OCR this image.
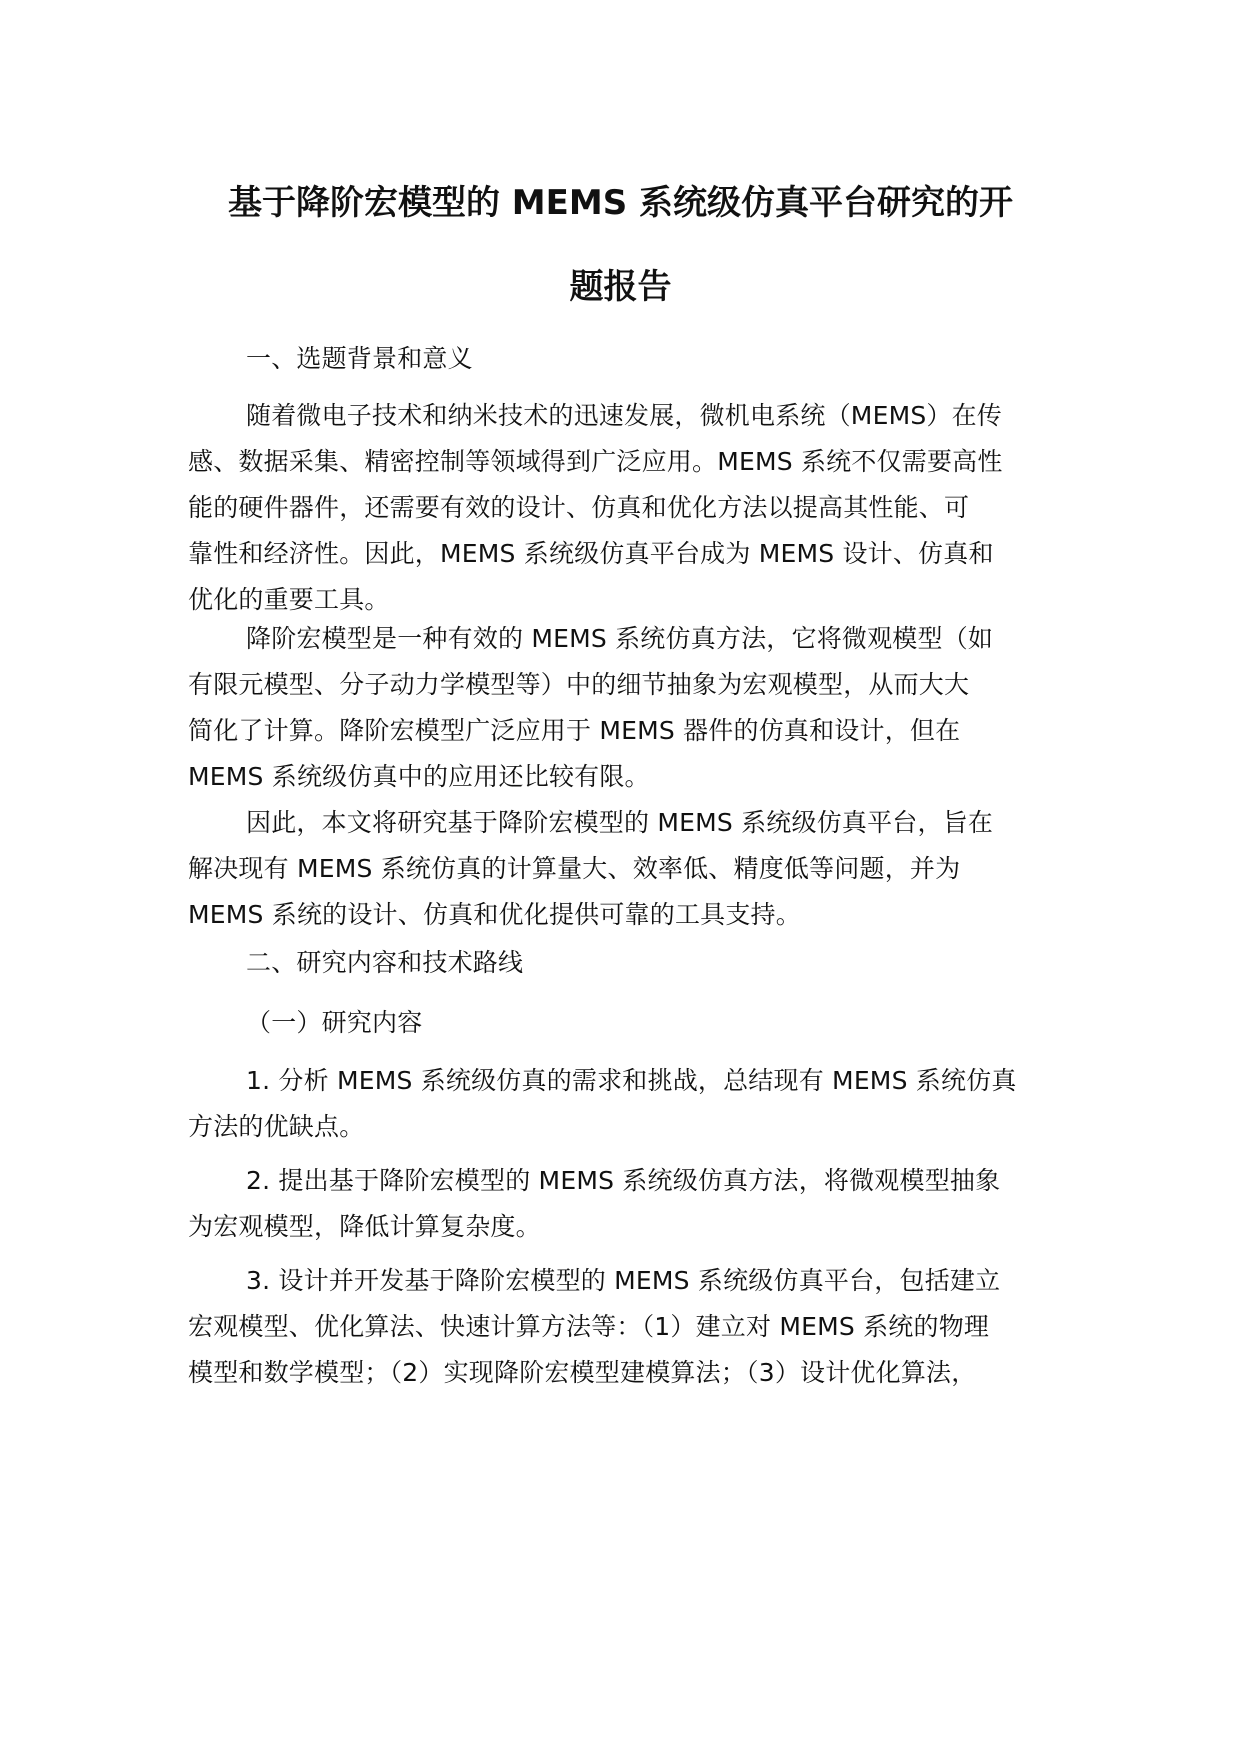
基于降阶宏模型的 MEMS 系统级仿真平台研究的开
题报告

一、选题背景和意义

随着微电子技术和纳米技术的迅速发展，微机电系统（MEMS）在传
感、数据采集、精密控制等领域得到广泛应用。MEMS 系统不仅需要高性
能的硬件器件，还需要有效的设计、仿真和优化方法以提高其性能、可
靠性和经济性。因此，MEMS 系统级仿真平台成为 MEMS 设计、仿真和
优化的重要工具。

降阶宏模型是一种有效的 MEMS 系统仿真方法，它将微观模型（如
有限元模型、分子动力学模型等）中的细节抽象为宏观模型，从而大大
简化了计算。降阶宏模型广泛应用于 MEMS 器件的仿真和设计，但在
MEMS 系统级仿真中的应用还比较有限。

因此，本文将研究基于降阶宏模型的 MEMS 系统级仿真平台，旨在
解决现有 MEMS 系统仿真的计算量大、效率低、精度低等问题，并为
MEMS 系统的设计、仿真和优化提供可靠的工具支持。

二、研究内容和技术路线

（一）研究内容

1. 分析 MEMS 系统级仿真的需求和挑战，总结现有 MEMS 系统仿真
方法的优缺点。

2. 提出基于降阶宏模型的 MEMS 系统级仿真方法，将微观模型抽象
为宏观模型，降低计算复杂度。

3. 设计并开发基于降阶宏模型的 MEMS 系统级仿真平台，包括建立
宏观模型、优化算法、快速计算方法等：（1）建立对 MEMS 系统的物理
模型和数学模型；（2）实现降阶宏模型建模算法；（3）设计优化算法，
